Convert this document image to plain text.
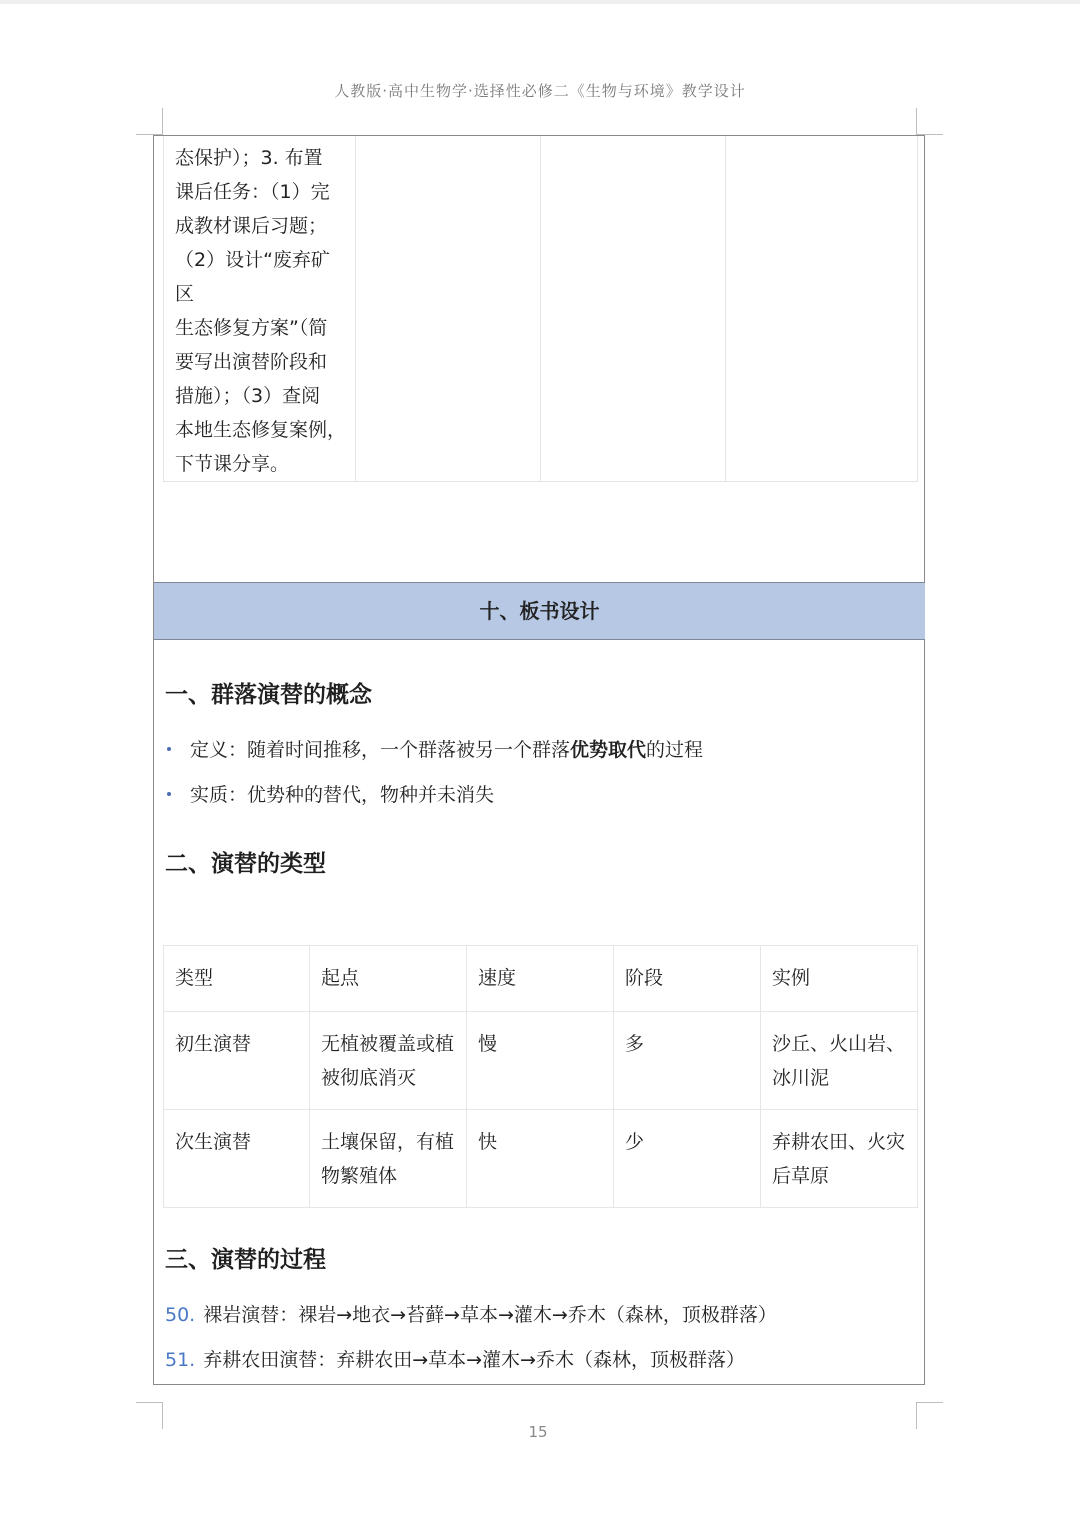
人教版·高中生物学·选择性必修二《生物与环境》教学设计
态保护）；3. 布置
课后任务：（1）完
成教材课后习题；
（2）设计“废弃矿区
生态修复方案”（简
要写出演替阶段和
措施）；（3）查阅
本地生态修复案例，
下节课分享。

十、板书设计
一、群落演替的概念
定义：随着时间推移，一个群落被另一个群落优势取代的过程
实质：优势种的替代，物种并未消失
二、演替的类型
类型	起点	速度	阶段	实例
初生演替	无植被覆盖或植被彻底消灭	慢	多	沙丘、火山岩、冰川泥
次生演替	土壤保留，有植物繁殖体	快	少	弃耕农田、火灾后草原
三、演替的过程
50. 裸岩演替：裸岩→地衣→苔藓→草本→灌木→乔木（森林，顶极群落）
51. 弃耕农田演替：弃耕农田→草本→灌木→乔木（森林，顶极群落）
15
